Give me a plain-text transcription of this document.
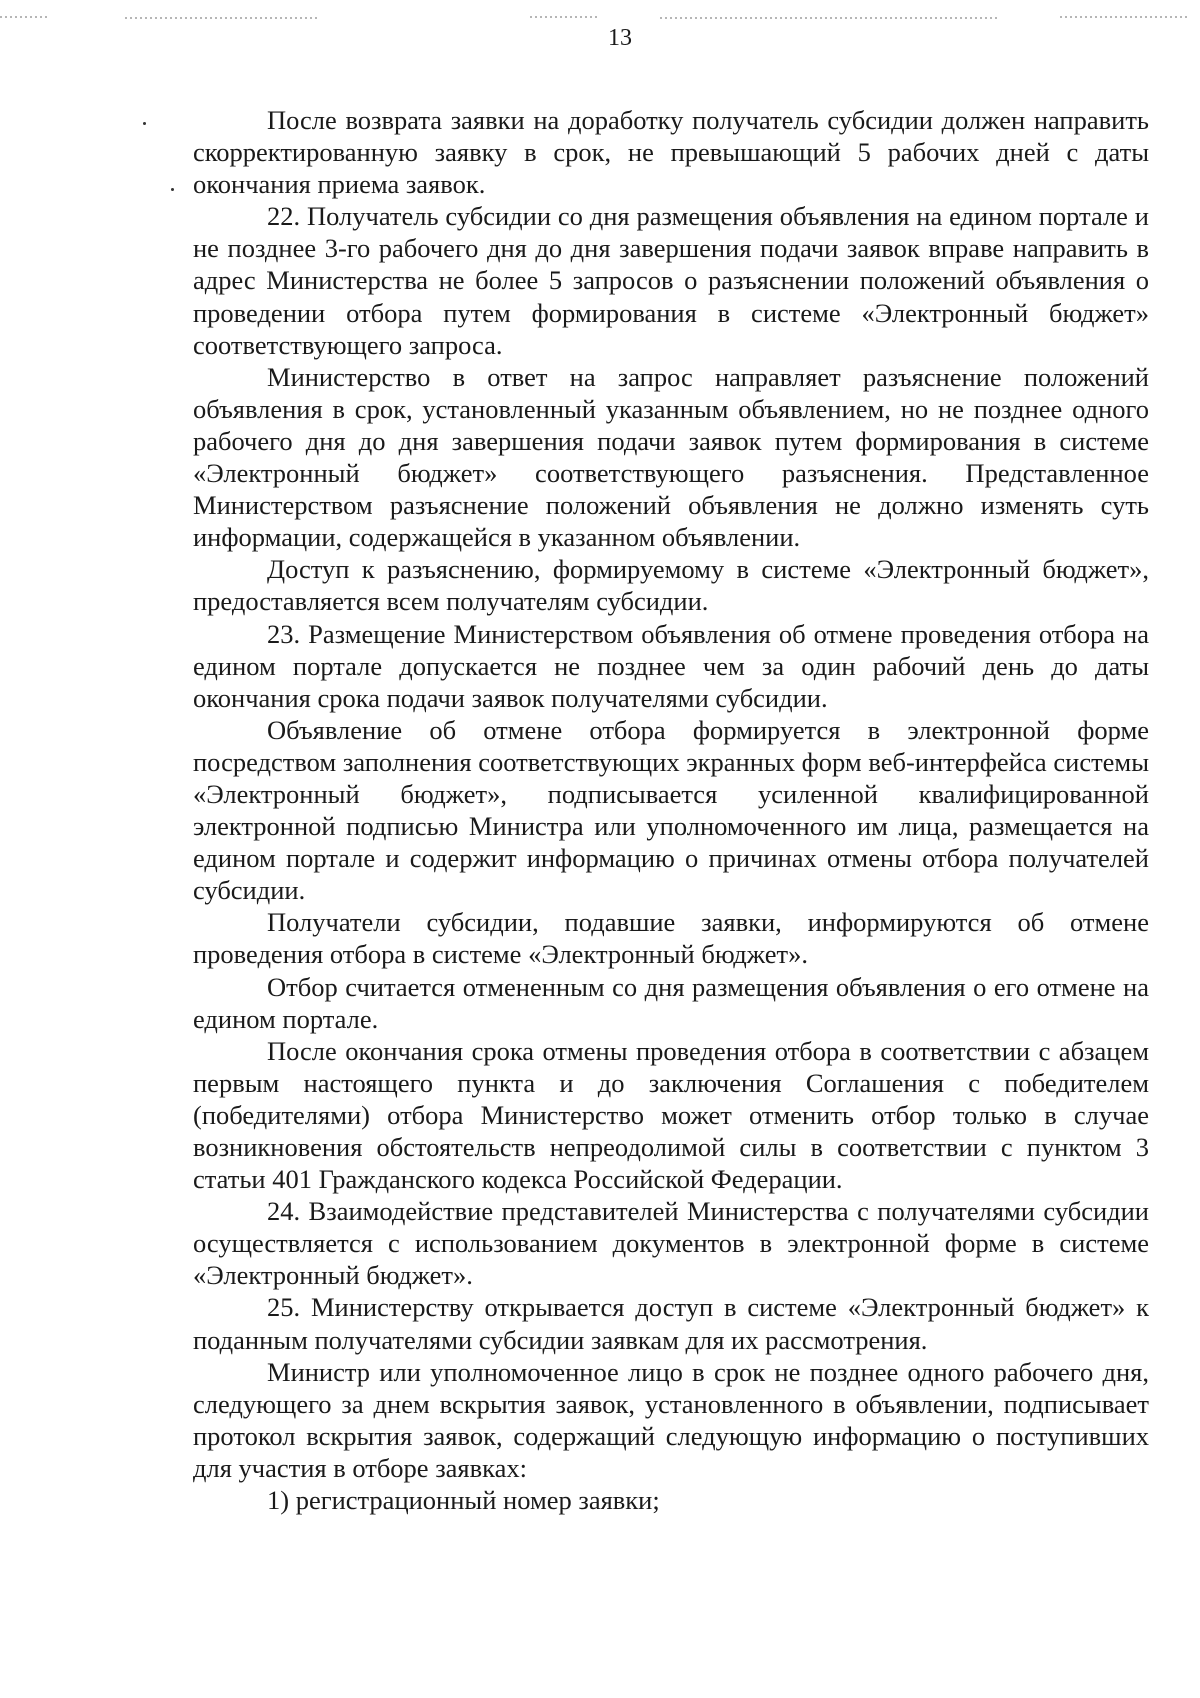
13

После возврата заявки на доработку получатель субсидии должен направить скорректированную заявку в срок, не превышающий 5 рабочих дней с даты окончания приема заявок.

22. Получатель субсидии со дня размещения объявления на едином портале и не позднее 3-го рабочего дня до дня завершения подачи заявок вправе направить в адрес Министерства не более 5 запросов о разъяснении положений объявления о проведении отбора путем формирования в системе «Электронный бюджет» соответствующего запроса.

Министерство в ответ на запрос направляет разъяснение положений объявления в срок, установленный указанным объявлением, но не позднее одного рабочего дня до дня завершения подачи заявок путем формирования в системе «Электронный бюджет» соответствующего разъяснения. Представленное Министерством разъяснение положений объявления не должно изменять суть информации, содержащейся в указанном объявлении.

Доступ к разъяснению, формируемому в системе «Электронный бюджет», предоставляется всем получателям субсидии.

23. Размещение Министерством объявления об отмене проведения отбора на едином портале допускается не позднее чем за один рабочий день до даты окончания срока подачи заявок получателями субсидии.

Объявление об отмене отбора формируется в электронной форме посредством заполнения соответствующих экранных форм веб-интерфейса системы «Электронный бюджет», подписывается усиленной квалифицированной электронной подписью Министра или уполномоченного им лица, размещается на едином портале и содержит информацию о причинах отмены отбора получателей субсидии.

Получатели субсидии, подавшие заявки, информируются об отмене проведения отбора в системе «Электронный бюджет».

Отбор считается отмененным со дня размещения объявления о его отмене на едином портале.

После окончания срока отмены проведения отбора в соответствии с абзацем первым настоящего пункта и до заключения Соглашения с победителем (победителями) отбора Министерство может отменить отбор только в случае возникновения обстоятельств непреодолимой силы в соответствии с пунктом 3 статьи 401 Гражданского кодекса Российской Федерации.

24. Взаимодействие представителей Министерства с получателями субсидии осуществляется с использованием документов в электронной форме в системе «Электронный бюджет».

25. Министерству открывается доступ в системе «Электронный бюджет» к поданным получателями субсидии заявкам для их рассмотрения.

Министр или уполномоченное лицо в срок не позднее одного рабочего дня, следующего за днем вскрытия заявок, установленного в объявлении, подписывает протокол вскрытия заявок, содержащий следующую информацию о поступивших для участия в отборе заявках:

1) регистрационный номер заявки;
